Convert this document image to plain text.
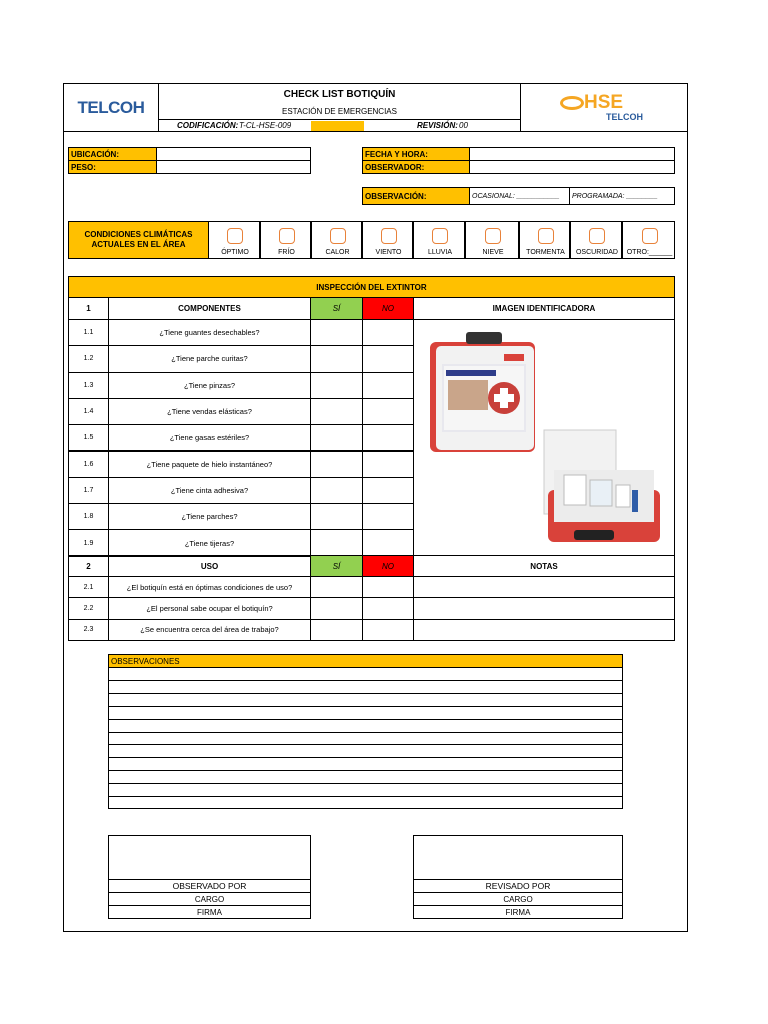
TELCOH
CHECK LIST BOTIQUÍN
ESTACIÓN DE EMERGENCIAS
CODIFICACIÓN: T-CL-HSE-009	REVISIÓN: 00
HSE
TELCOH
UBICACIÓN:
PESO:
FECHA Y HORA:
OBSERVADOR:
OBSERVACIÓN:	OCASIONAL: ___________ PROGRAMADA: ________
CONDICIONES CLIMÁTICAS ACTUALES EN EL ÁREA
ÓPTIMO	FRÍO	CALOR	VIENTO	LLUVIA	NIEVE	TORMENTA	OSCURIDAD	OTRO:______
INSPECCIÓN DEL EXTINTOR
1	COMPONENTES	SÍ	NO	IMAGEN IDENTIFICADORA
1.1	¿Tiene guantes desechables?
1.2	¿Tiene parche curitas?
1.3	¿Tiene pinzas?
1.4	¿Tiene vendas elásticas?
1.5	¿Tiene gasas estériles?
1.6	¿Tiene paquete de hielo instantáneo?
1.7	¿Tiene cinta adhesiva?
1.8	¿Tiene parches?
1.9	¿Tiene tijeras?
2	USO	SÍ	NO	NOTAS
2.1	¿El botiquín está en óptimas condiciones de uso?
2.2	¿El personal sabe ocupar el botiquín?
2.3	¿Se encuentra cerca del área de trabajo?
OBSERVACIONES
OBSERVADO POR
CARGO
FIRMA
REVISADO POR
CARGO
FIRMA
